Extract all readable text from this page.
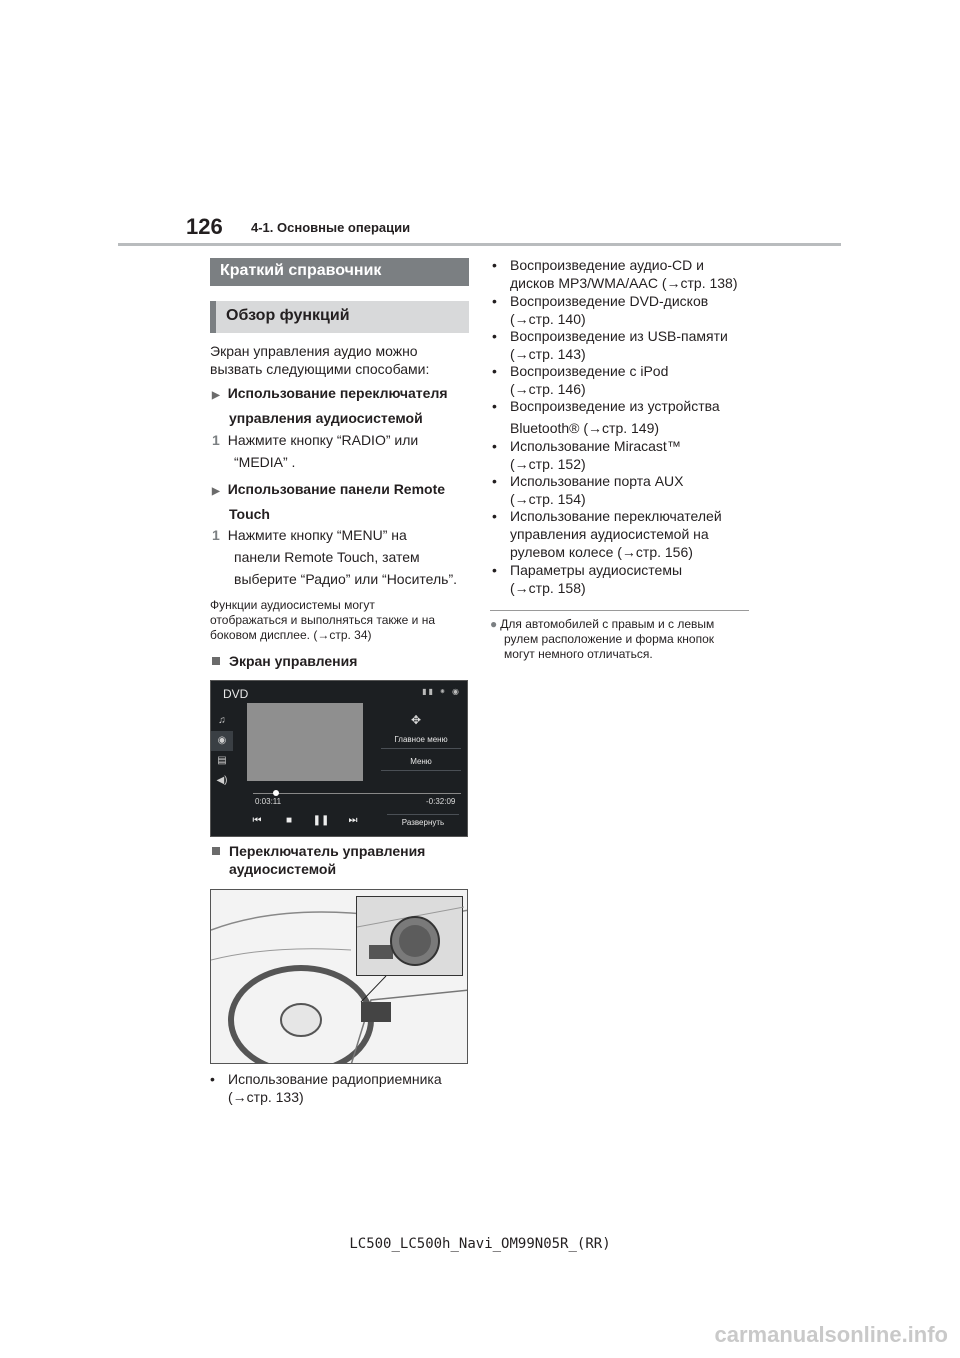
126 4-1. Основные операции
Краткий справочник
Обзор функций
Экран управления аудио можно
вызвать следующими способами:
▶ Использование переключателя
управления аудиосистемой
1 Нажмите кнопку “RADIO” или
“MEDIA” .
▶ Использование панели Remote
Touch
1 Нажмите кнопку “MENU” на
панели Remote Touch, затем
выберите “Радио” или “Носитель”.
Функции аудиосистемы могут
отображаться и выполняться также и на
боковом дисплее. (→стр. 34)
Экран управления
DVD	▮▮ ⁕ ◉
♫
◉
▤
◀)
✥
Главное меню
Меню
0:03:11	-0:32:09
⏮ ■ ❚❚ ⏭	Развернуть
Переключатель управления
аудиосистемой
• Использование радиоприемника
(→стр. 133)
• Воспроизведение аудио-CD и
дисков MP3/WMA/AAC (→стр. 138)
• Воспроизведение DVD-дисков
(→стр. 140)
• Воспроизведение из USB-памяти
(→стр. 143)
• Воспроизведение с iPod
(→стр. 146)
• Воспроизведение из устройства
Bluetooth® (→стр. 149)
• Использование Miracast™
(→стр. 152)
• Использование порта AUX
(→стр. 154)
• Использование переключателей
управления аудиосистемой на
рулевом колесе (→стр. 156)
• Параметры аудиосистемы
(→стр. 158)
● Для автомобилей с правым и с левым
рулем расположение и форма кнопок
могут немного отличаться.
LC500_LC500h_Navi_OM99N05R_(RR)
carmanualsonline.info
